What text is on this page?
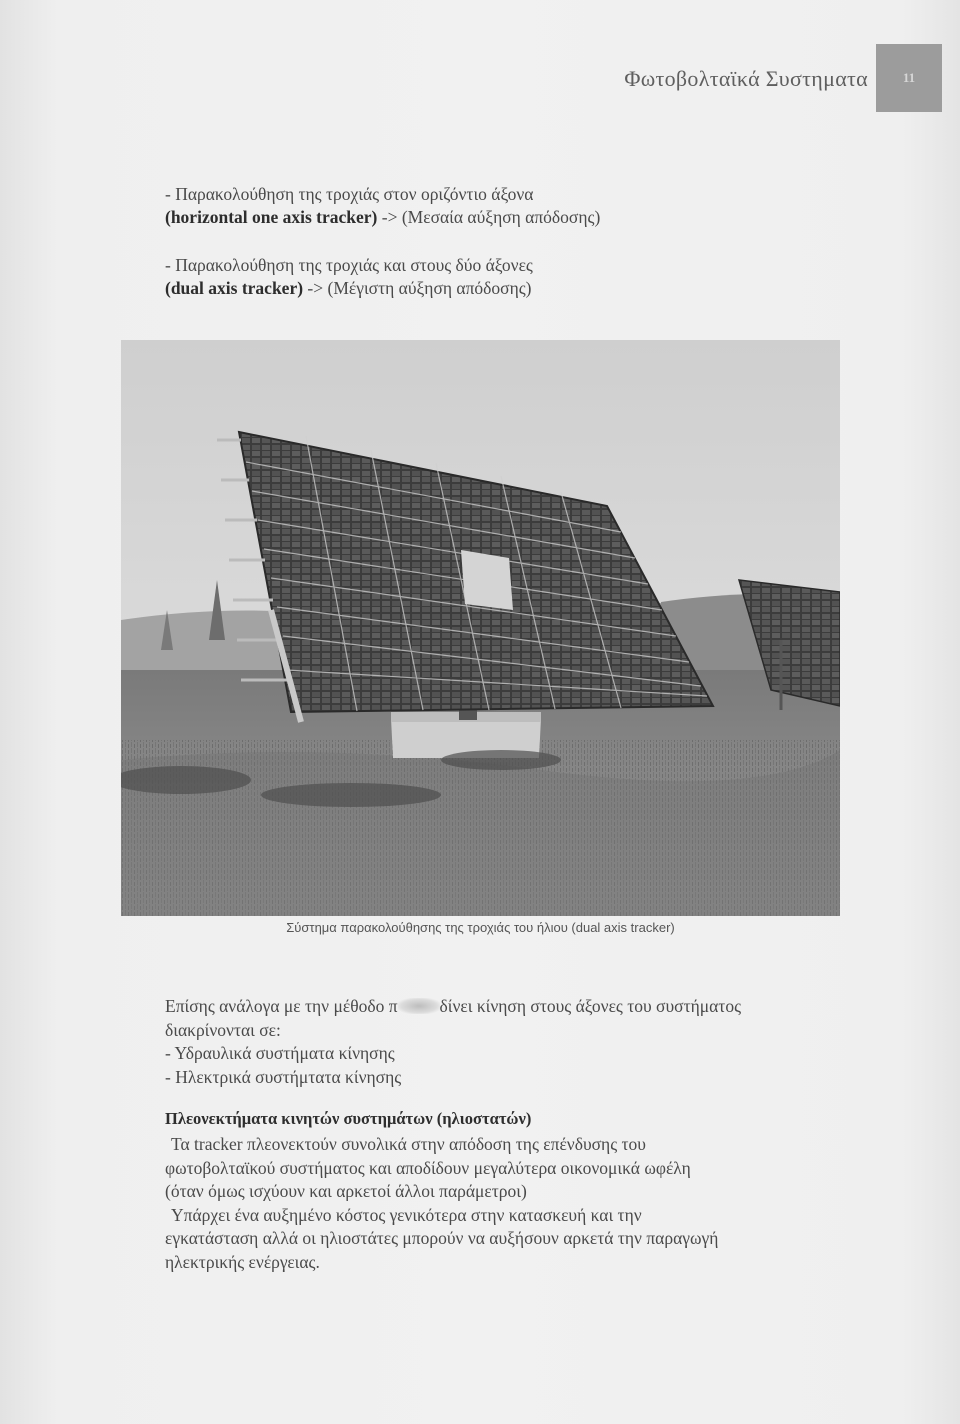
Φωτοβολταϊκά Συστηματα	11
- Παρακολούθηση της τροχιάς στον οριζόντιο άξονα
(horizontal one axis tracker) -> (Μεσαία αύξηση απόδοσης)
- Παρακολούθηση της τροχιάς και στους δύο άξονες
(dual axis tracker) -> (Μέγιστη αύξηση απόδοσης)
Σύστημα παρακολούθησης της τροχιάς του ήλιου (dual axis tracker)
Επίσης ανάλογα με την μέθοδο π δίνει κίνηση στους άξονες του συστήματος
διακρίνονται σε:
- Υδραυλικά συστήματα κίνησης
- Ηλεκτρικά συστήμτατα κίνησης
Πλεονεκτήματα κινητών συστημάτων (ηλιοστατών)
Τα tracker πλεονεκτούν συνολικά στην απόδοση της επένδυσης του
φωτοβολταϊκού συστήματος και αποδίδουν μεγαλύτερα οικονομικά ωφέλη
(όταν όμως ισχύουν και αρκετοί άλλοι παράμετροι)
Υπάρχει ένα αυξημένο κόστος γενικότερα στην κατασκευή και την
εγκατάσταση αλλά οι ηλιοστάτες μπορούν να αυξήσουν αρκετά την παραγωγή
ηλεκτρικής ενέργειας.
